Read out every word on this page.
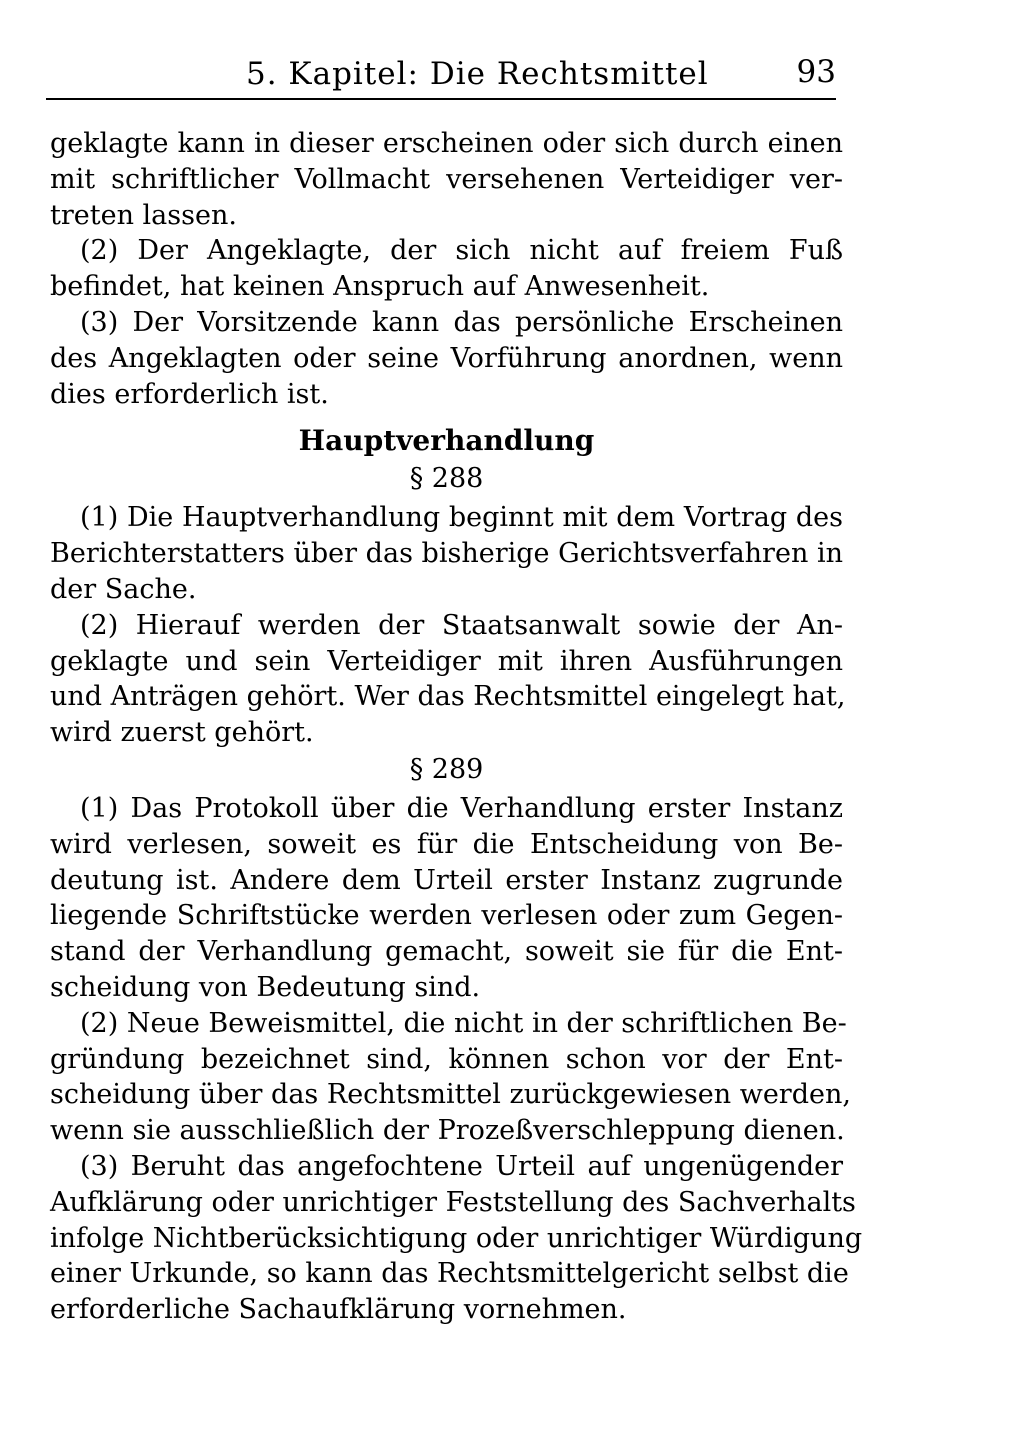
5. Kapitel: Die Rechtsmittel	93
geklagte kann in dieser erscheinen oder sich durch einen
mit schriftlicher Vollmacht versehenen Verteidiger ver-
treten lassen.
(2) Der Angeklagte, der sich nicht auf freiem Fuß
befindet, hat keinen Anspruch auf Anwesenheit.
(3) Der Vorsitzende kann das persönliche Erscheinen
des Angeklagten oder seine Vorführung anordnen, wenn
dies erforderlich ist.
Hauptverhandlung
§ 288
(1) Die Hauptverhandlung beginnt mit dem Vortrag des
Berichterstatters über das bisherige Gerichtsverfahren in
der Sache.
(2) Hierauf werden der Staatsanwalt sowie der An-
geklagte und sein Verteidiger mit ihren Ausführungen
und Anträgen gehört. Wer das Rechtsmittel eingelegt hat,
wird zuerst gehört.
§ 289
(1) Das Protokoll über die Verhandlung erster Instanz
wird verlesen, soweit es für die Entscheidung von Be-
deutung ist. Andere dem Urteil erster Instanz zugrunde
liegende Schriftstücke werden verlesen oder zum Gegen-
stand der Verhandlung gemacht, soweit sie für die Ent-
scheidung von Bedeutung sind.
(2) Neue Beweismittel, die nicht in der schriftlichen Be-
gründung bezeichnet sind, können schon vor der Ent-
scheidung über das Rechtsmittel zurückgewiesen werden,
wenn sie ausschließlich der Prozeßverschleppung dienen.
(3) Beruht das angefochtene Urteil auf ungenügender
Aufklärung oder unrichtiger Feststellung des Sachverhalts
infolge Nichtberücksichtigung oder unrichtiger Würdigung
einer Urkunde, so kann das Rechtsmittelgericht selbst die
erforderliche Sachaufklärung vornehmen.
